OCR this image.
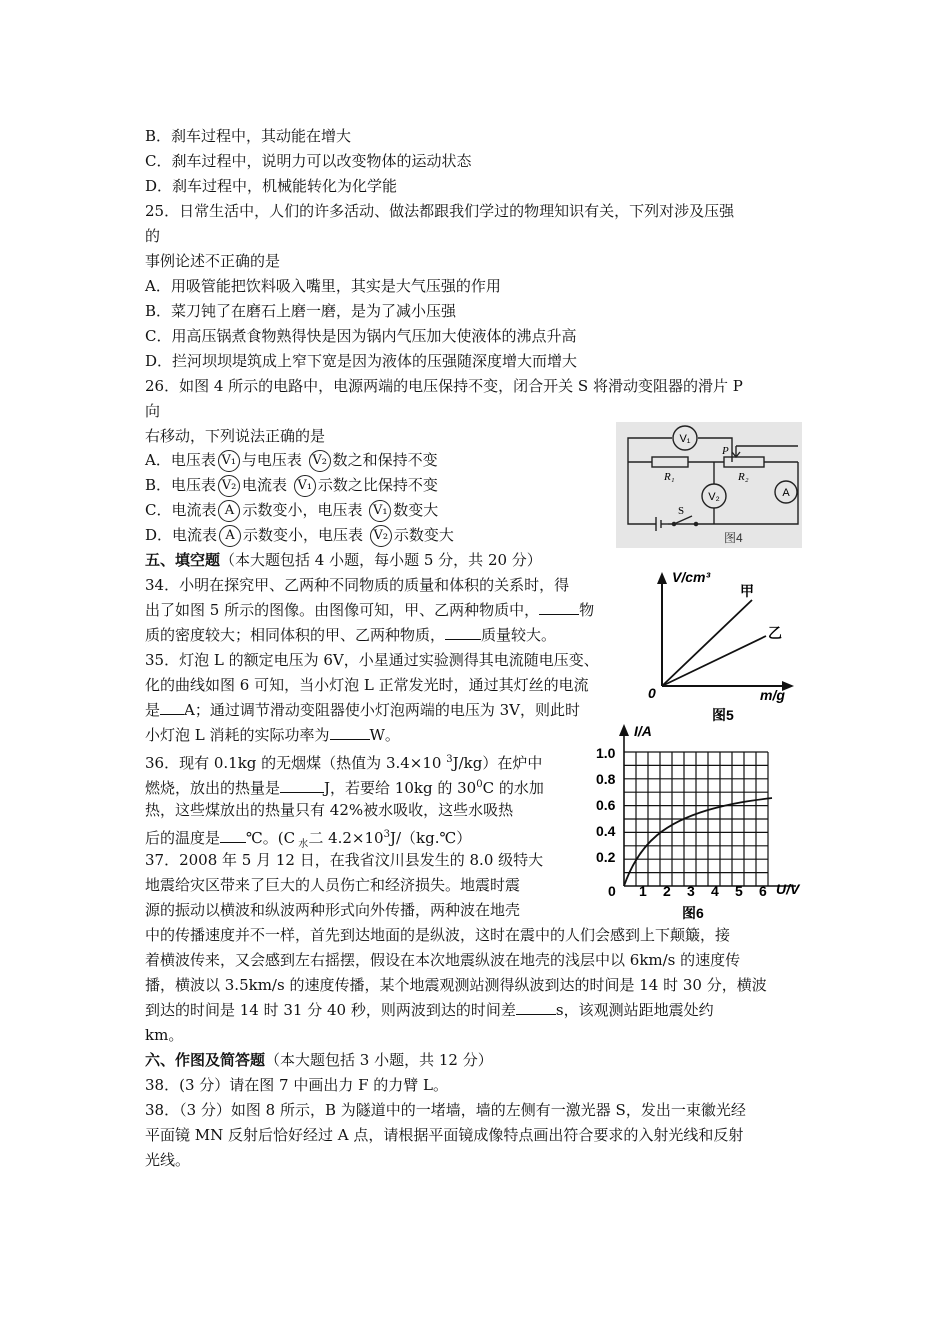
B．刹车过程中，其动能在增大
C．刹车过程中，说明力可以改变物体的运动状态
D．刹车过程中，机械能转化为化学能
25．日常生活中，人们的许多活动、做法都跟我们学过的物理知识有关，下列对涉及压强
的
事例论述不正确的是
A．用吸管能把饮料吸入嘴里，其实是大气压强的作用
B．菜刀钝了在磨石上磨一磨，是为了减小压强
C．用高压锅煮食物熟得快是因为锅内气压加大使液体的沸点升高
D．拦河坝坝堤筑成上窄下宽是因为液体的压强随深度增大而增大
26．如图 4 所示的电路中，电源两端的电压保持不变，闭合开关 S 将滑动变阻器的滑片 P
向
右移动，下列说法正确的是
A．电压表 V₁ 与电压表 V₂ 数之和保持不变
B．电压表 V₂ 电流表 V₁ 示数之比保持不变
C．电流表 A 示数变小，电压表 V₁ 数变大
D．电流表 A 示数变小，电压表 V₂ 示数变大
五、填空题（本大题包括 4 小题，每小题 5 分，共 20 分）
34．小明在探究甲、乙两种不同物质的质量和体积的关系时，得
出了如图 5 所示的图像。由图像可知，甲、乙两种物质中，	物
质的密度较大；相同体积的甲、乙两种物质， 质量较大。
35．灯泡 L 的额定电压为 6V，小星通过实验测得其电流随电压变、
化的曲线如图 6 可知，当小灯泡 L 正常发光时，通过其灯丝的电流
是 A；通过调节滑动变阻器使小灯泡两端的电压为 3V，则此时
小灯泡 L 消耗的实际功率为	W。
36．现有 0.1kg 的无烟煤（热值为 3.4×10 $^3$J/kg）在炉中
燃烧，放出的热量是	J，若要给 10kg 的 $30^0C$ 的水加
热，这些煤放出的热量只有 42%被水吸收，这些水吸热
后的温度是 ℃。(C $_水$二 $4.2\times 10^3J/(kg.℃)$
37．2008 年 5 月 12 日，在我省汶川县发生的 8.0 级特大
地震给灾区带来了巨大的人员伤亡和经济损失。地震时震
源的振动以横波和纵波两种形式向外传播，两种波在地壳
中的传播速度并不一样，首先到达地面的是纵波，这时在震中的人们会感到上下颠簸，接
着横波传来，又会感到左右摇摆，假设在本次地震纵波在地壳的浅层中以 6km/s 的速度传
播，横波以 3.5km/s 的速度传播，某个地震观测站测得纵波到达的时间是 14 时 30 分，横波
到达的时间是 14 时 31 分 40 秒，则两波到达的时间差	s，该观测站距地震处约
km。
六、作图及简答题（本大题包括 3 小题，共 12 分）
38．(3 分）请在图 7 中画出力 F 的力臂 L。
38．（3 分）如图 8 所示，B 为隧道中的一堵墙，墙的左侧有一激光器 S，发出一束徽光经
平面镜 MN 反射后恰好经过 A 点，请根据平面镜成像特点画出符合要求的入射光线和反射
光线。
V₁
V₂	A
P
R₁	R₂
S
图4
V/cm³
m/g
0
甲
乙
图5
I/A
U/V
0
1.0
0.8
0.6
0.4
0.2
1 2 3 4 5 6
图6
